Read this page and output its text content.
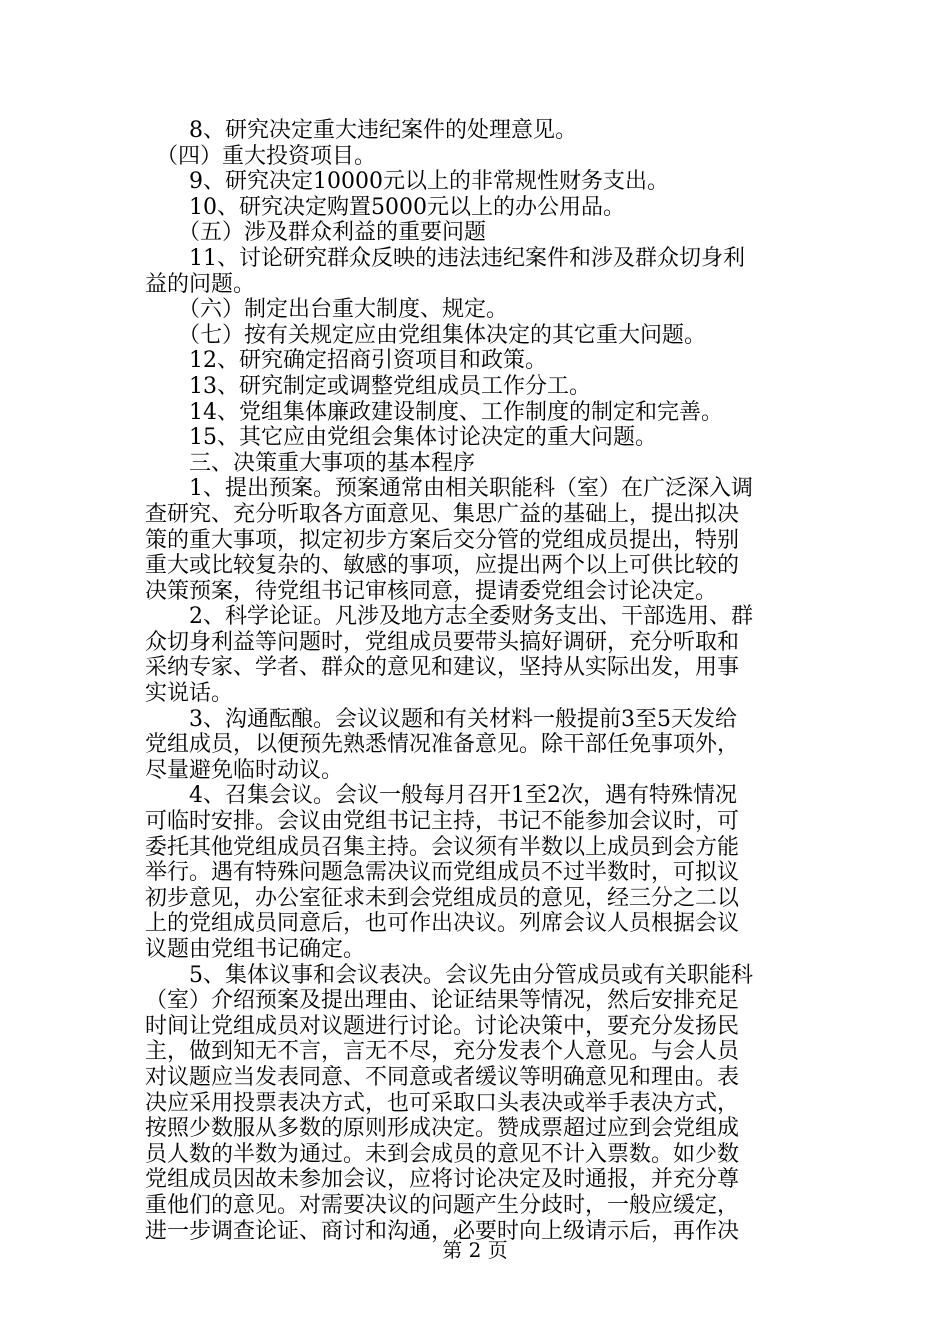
　　8、研究决定重大违纪案件的处理意见。
　（四）重大投资项目。
　　9、研究决定10000元以上的非常规性财务支出。
　　10、研究决定购置5000元以上的办公用品。
　　（五）涉及群众利益的重要问题
　　11、讨论研究群众反映的违法违纪案件和涉及群众切身利
益的问题。
　　（六）制定出台重大制度、规定。
　　（七）按有关规定应由党组集体决定的其它重大问题。
　　12、研究确定招商引资项目和政策。
　　13、研究制定或调整党组成员工作分工。
　　14、党组集体廉政建设制度、工作制度的制定和完善。
　　15、其它应由党组会集体讨论决定的重大问题。
　　三、决策重大事项的基本程序
　　1、提出预案。预案通常由相关职能科（室）在广泛深入调
查研究、充分听取各方面意见、集思广益的基础上，提出拟决
策的重大事项，拟定初步方案后交分管的党组成员提出，特别
重大或比较复杂的、敏感的事项，应提出两个以上可供比较的
决策预案，待党组书记审核同意，提请委党组会讨论决定。
　　2、科学论证。凡涉及地方志全委财务支出、干部选用、群
众切身利益等问题时，党组成员要带头搞好调研，充分听取和
采纳专家、学者、群众的意见和建议，坚持从实际出发，用事
实说话。
　　3、沟通酝酿。会议议题和有关材料一般提前3至5天发给
党组成员，以便预先熟悉情况准备意见。除干部任免事项外，
尽量避免临时动议。
　　4、召集会议。会议一般每月召开1至2次，遇有特殊情况
可临时安排。会议由党组书记主持，书记不能参加会议时，可
委托其他党组成员召集主持。会议须有半数以上成员到会方能
举行。遇有特殊问题急需决议而党组成员不过半数时，可拟议
初步意见，办公室征求未到会党组成员的意见，经三分之二以
上的党组成员同意后，也可作出决议。列席会议人员根据会议
议题由党组书记确定。
　　5、集体议事和会议表决。会议先由分管成员或有关职能科
（室）介绍预案及提出理由、论证结果等情况，然后安排充足
时间让党组成员对议题进行讨论。讨论决策中，要充分发扬民
主，做到知无不言，言无不尽，充分发表个人意见。与会人员
对议题应当发表同意、不同意或者缓议等明确意见和理由。表
决应采用投票表决方式，也可采取口头表决或举手表决方式，
按照少数服从多数的原则形成决定。赞成票超过应到会党组成
员人数的半数为通过。未到会成员的意见不计入票数。如少数
党组成员因故未参加会议，应将讨论决定及时通报，并充分尊
重他们的意见。对需要决议的问题产生分歧时，一般应缓定，
进一步调查论证、商讨和沟通，必要时向上级请示后，再作决
第 2 页
